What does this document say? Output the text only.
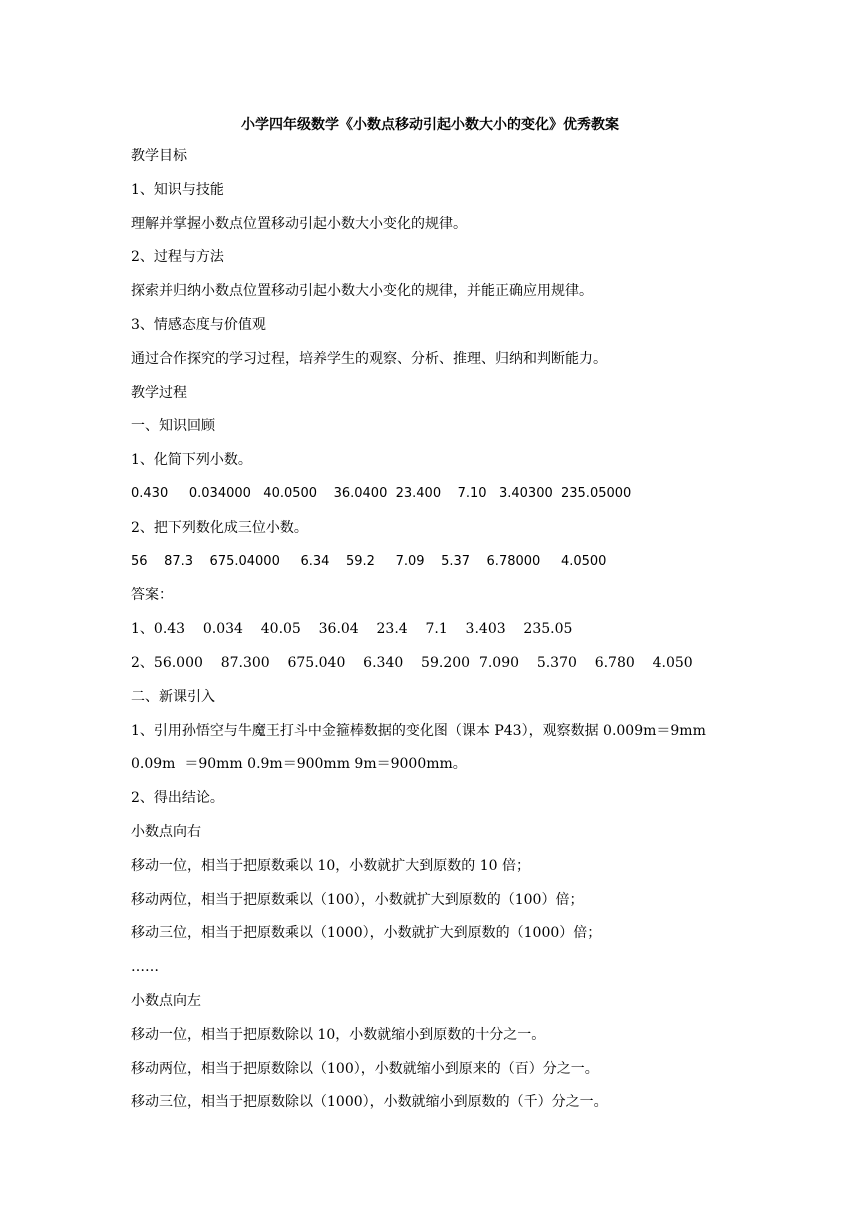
小学四年级数学《小数点移动引起小数大小的变化》优秀教案
教学目标
1、知识与技能
理解并掌握小数点位置移动引起小数大小变化的规律。
2、过程与方法
探索并归纳小数点位置移动引起小数大小变化的规律，并能正确应用规律。
3、情感态度与价值观
通过合作探究的学习过程，培养学生的观察、分析、推理、归纳和判断能力。
教学过程
一、知识回顾
1、化简下列小数。
0.430     0.034000   40.0500    36.0400  23.400    7.10   3.40300  235.05000
2、把下列数化成三位小数。
56    87.3    675.04000     6.34    59.2     7.09    5.37    6.78000     4.0500
答案：
1、0.43    0.034    40.05    36.04    23.4    7.1    3.403    235.05
2、56.000    87.300    675.040    6.340    59.200  7.090    5.370    6.780    4.050
二、新课引入
1、引用孙悟空与牛魔王打斗中金箍棒数据的变化图（课本 P43），观察数据 0.009m＝9mm
0.09m  ＝90mm 0.9m＝900mm 9m＝9000mm。
2、得出结论。
小数点向右
移动一位，相当于把原数乘以 10，小数就扩大到原数的 10 倍；
移动两位，相当于把原数乘以（100），小数就扩大到原数的（100）倍；
移动三位，相当于把原数乘以（1000），小数就扩大到原数的（1000）倍；
……
小数点向左
移动一位，相当于把原数除以 10，小数就缩小到原数的十分之一。
移动两位，相当于把原数除以（100），小数就缩小到原来的（百）分之一。
移动三位，相当于把原数除以（1000），小数就缩小到原数的（千）分之一。
